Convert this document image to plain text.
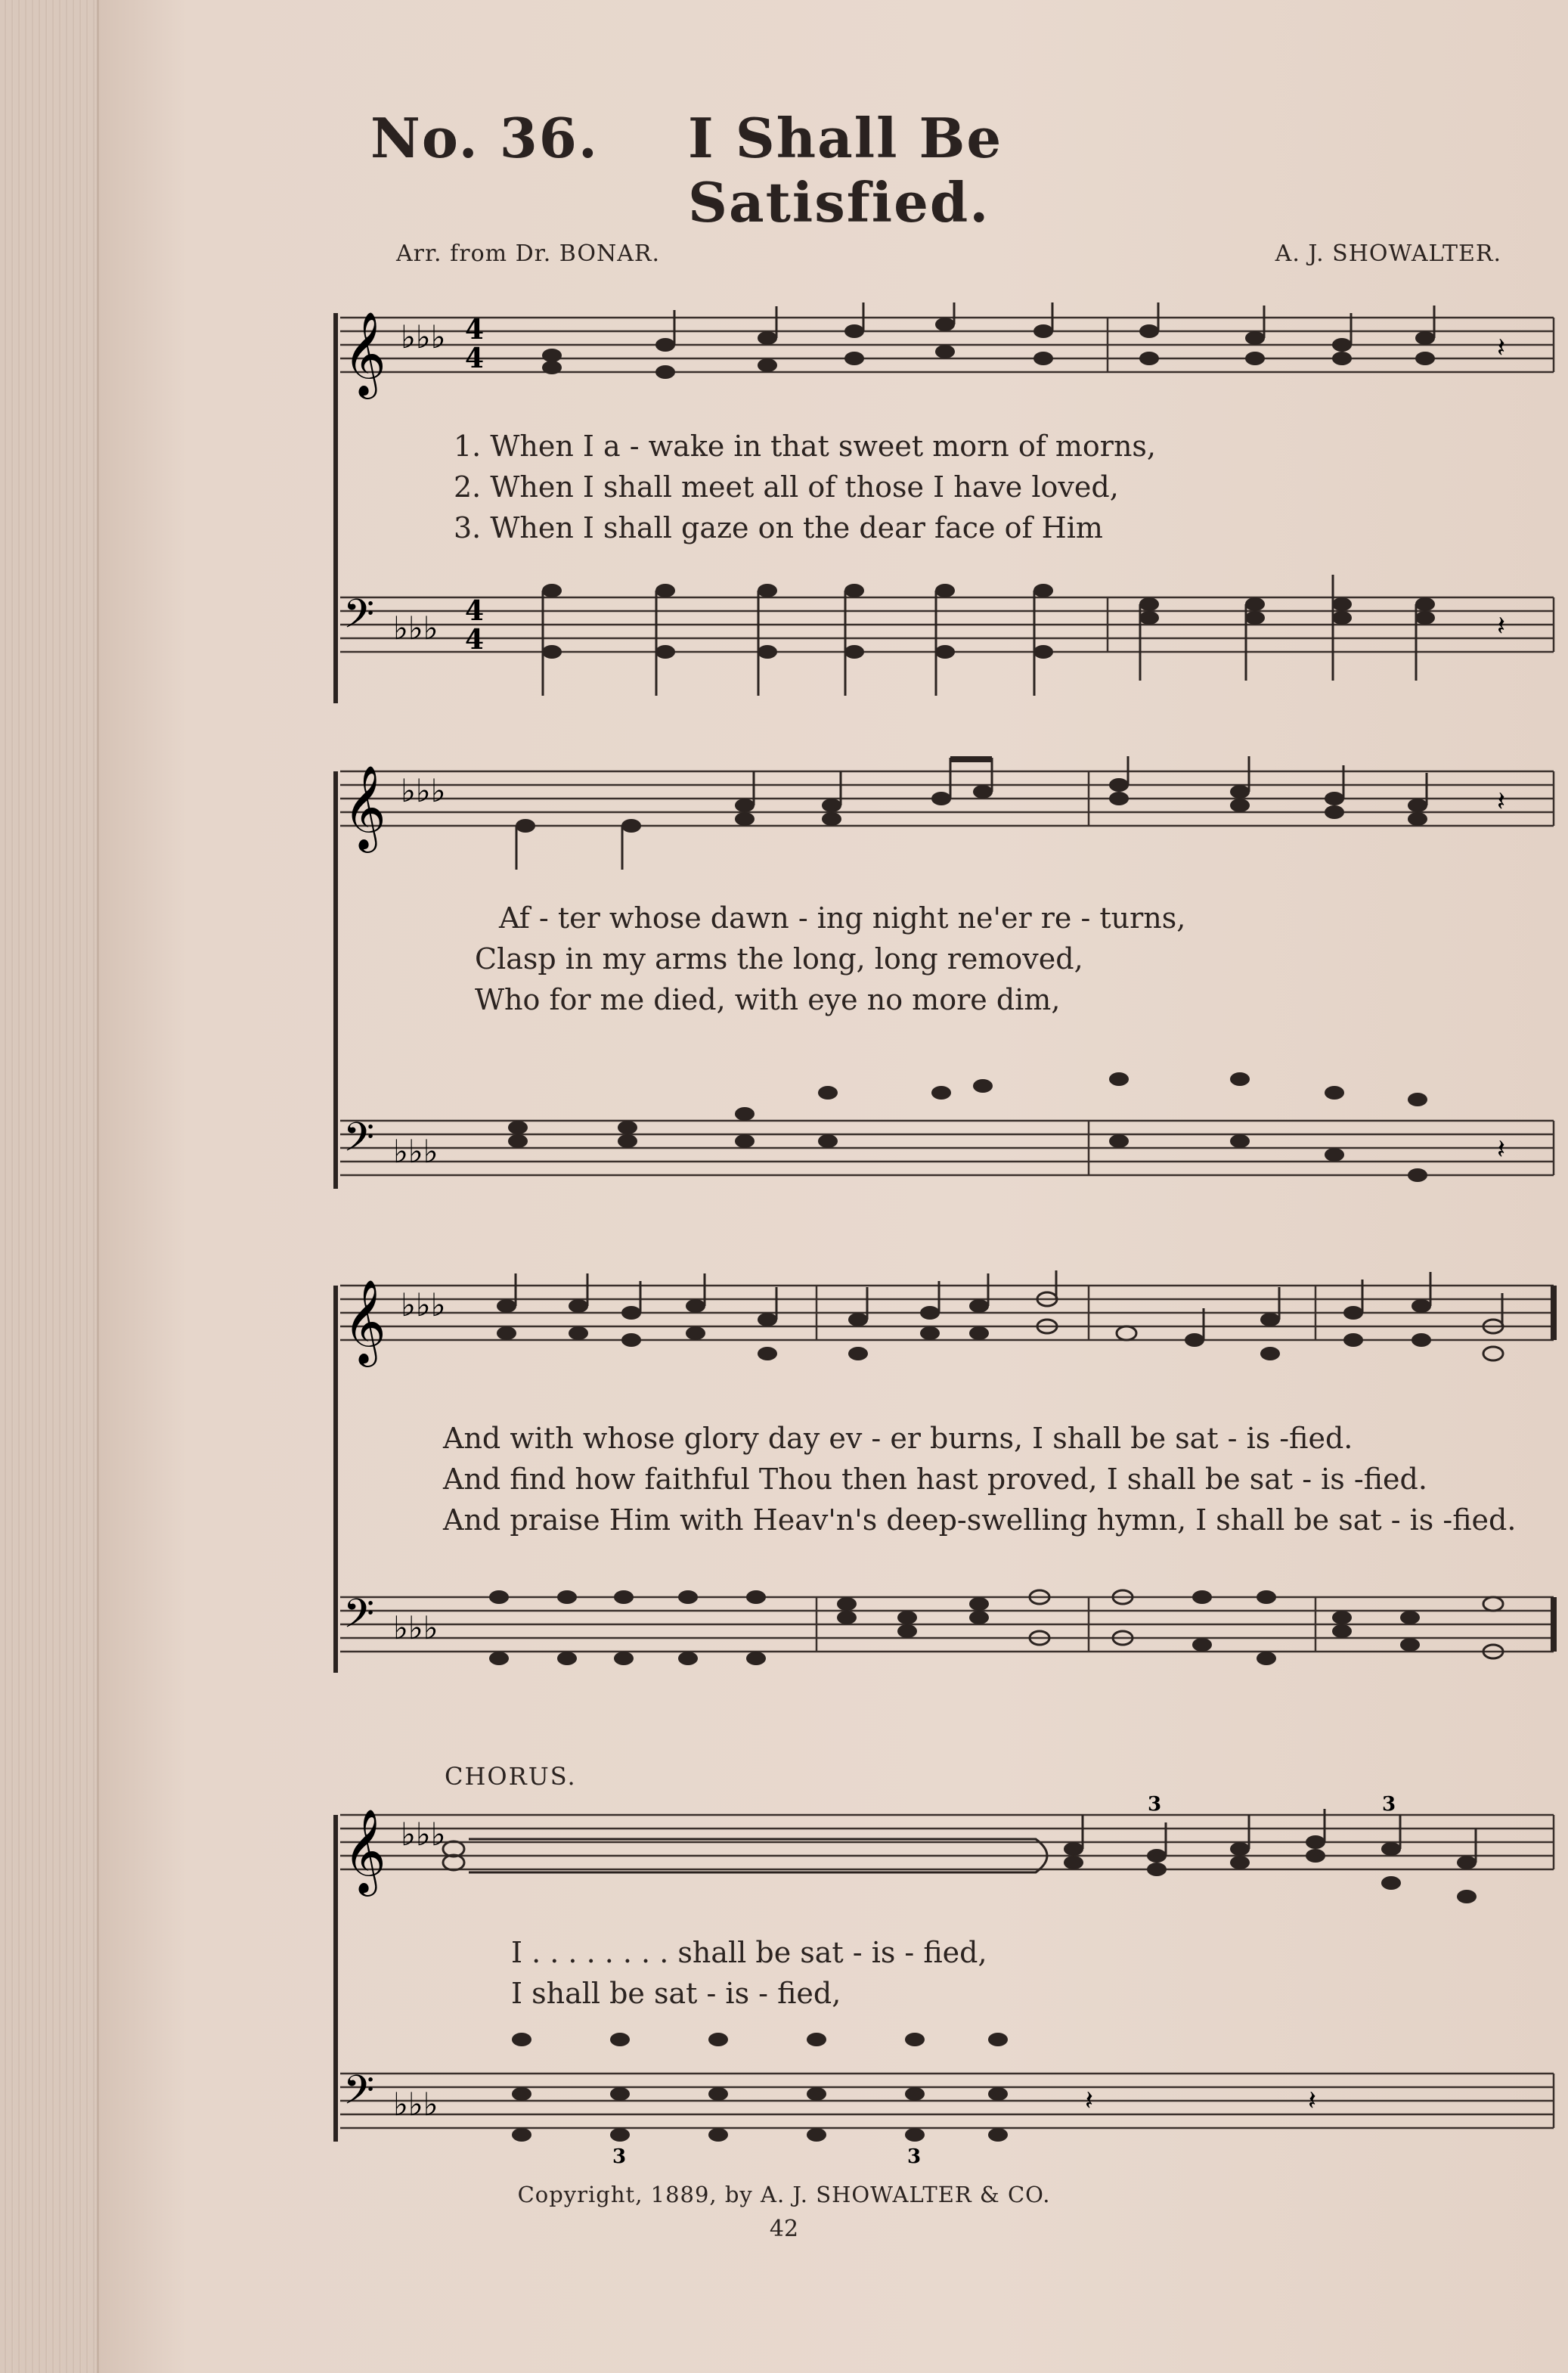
No. 36. I Shall Be Satisfied.
Arr. from Dr. BONAR.	A. J. SHOWALTER.
𝄞 ♭♭♭ 4
4	𝄽
𝄢 ♭♭♭ 4
4	𝄽
1. When I a - wake in that sweet morn of morns,
2. When I shall meet all of those I have loved,
3. When I shall gaze on the dear face of Him
𝄞 ♭♭♭	𝄽
𝄢 ♭♭♭	𝄽
Af - ter whose dawn - ing night ne'er re - turns,
Clasp in my arms the long, long removed,
Who for me died, with eye no more dim,
𝄞 ♭♭♭
𝄢 ♭♭♭
And with whose glory day ev - er burns, I shall be sat - is -fied.
And find how faithful Thou then hast proved, I shall be sat - is -fied.
And praise Him with Heav'n's deep-swelling hymn, I shall be sat - is -fied.
CHORUS.
𝄞 ♭♭♭
3	3
𝄢 ♭♭♭	𝄽	𝄽
3	3
I . . . . . . . . shall be sat - is - fied,
I shall be sat - is - fied,
Copyright, 1889, by A. J. SHOWALTER & CO.
42
